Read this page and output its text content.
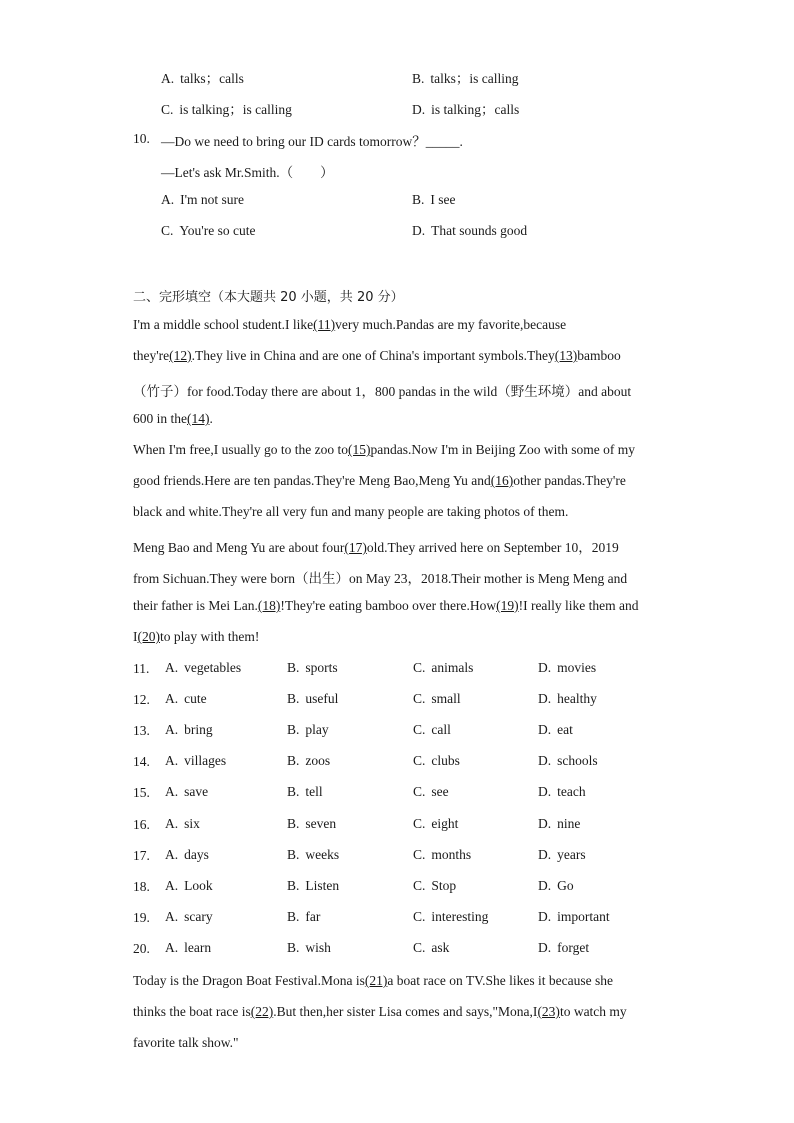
A. talks；calls	B. talks；is calling
C. is talking；is calling	D. is talking；calls
10. —Do we need to bring our ID cards tomorrow？_____.
—Let's ask Mr.Smith.（　　）
A. I'm not sure	B. I see
C. You're so cute	D. That sounds good
二、完形填空（本大题共 20 小题，共 20 分）
I'm a middle school student.I like(11)very much.Pandas are my favorite,because
they're(12).They live in China and are one of China's important symbols.They(13)bamboo
（竹子）for food.Today there are about 1，800 pandas in the wild（野生环境）and about
600 in the(14).
When I'm free,I usually go to the zoo to(15)pandas.Now I'm in Beijing Zoo with some of my
good friends.Here are ten pandas.They're Meng Bao,Meng Yu and(16)other pandas.They're
black and white.They're all very fun and many people are taking photos of them.
Meng Bao and Meng Yu are about four(17)old.They arrived here on September 10，2019
from Sichuan.They were born（出生）on May 23，2018.Their mother is Meng Meng and
their father is Mei Lan.(18)!They're eating bamboo over there.How(19)!I really like them and
I(20)to play with them!
11. A. vegetables	B. sports	C. animals	D. movies
12. A. cute	B. useful	C. small	D. healthy
13. A. bring	B. play	C. call	D. eat
14. A. villages	B. zoos	C. clubs	D. schools
15. A. save	B. tell	C. see	D. teach
16. A. six	B. seven	C. eight	D. nine
17. A. days	B. weeks	C. months	D. years
18. A. Look	B. Listen	C. Stop	D. Go
19. A. scary	B. far	C. interesting	D. important
20. A. learn	B. wish	C. ask	D. forget
Today is the Dragon Boat Festival.Mona is(21)a boat race on TV.She likes it because she
thinks the boat race is(22).But then,her sister Lisa comes and says,"Mona,I(23)to watch my
favorite talk show."
